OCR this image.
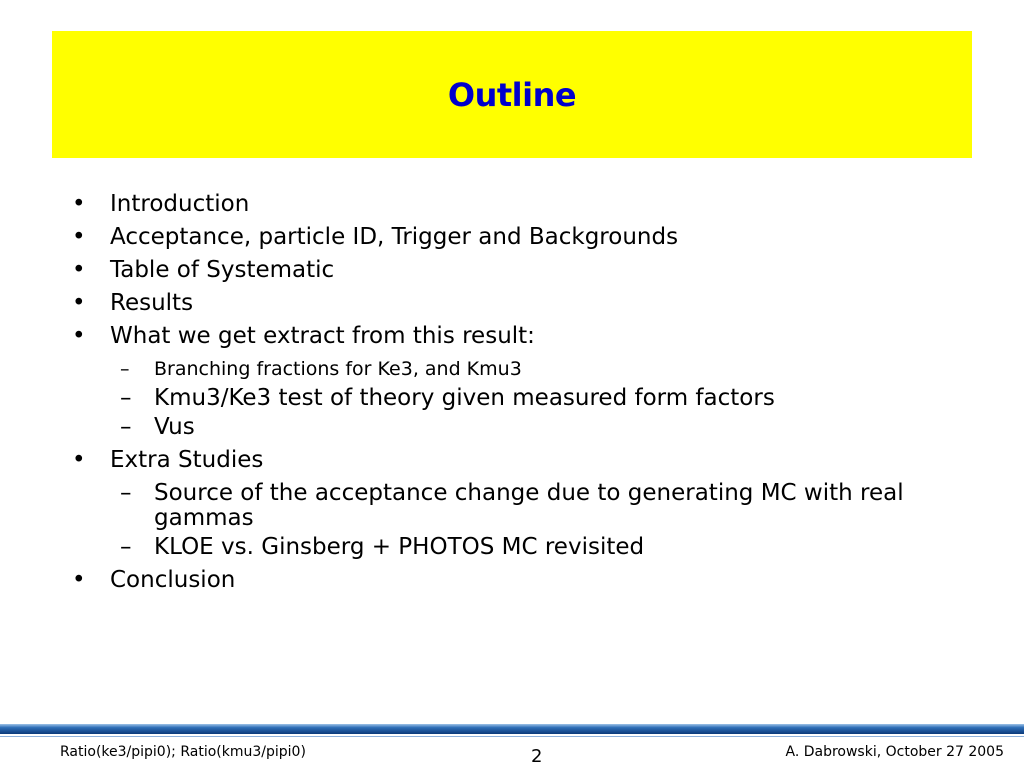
Outline
•	Introduction
•	Acceptance, particle ID, Trigger and Backgrounds
•	Table of Systematic
•	Results
•	What we get extract from this result:
–	Branching fractions for Ke3, and Kmu3
– Kmu3/Ke3 test of theory given measured form factors
– Vus
•	Extra Studies
– Source of the acceptance change due to generating MC with real gammas
– KLOE vs. Ginsberg + PHOTOS MC revisited
•	Conclusion
Ratio(ke3/pipi0); Ratio(kmu3/pipi0)	2	A. Dabrowski, October 27 2005
